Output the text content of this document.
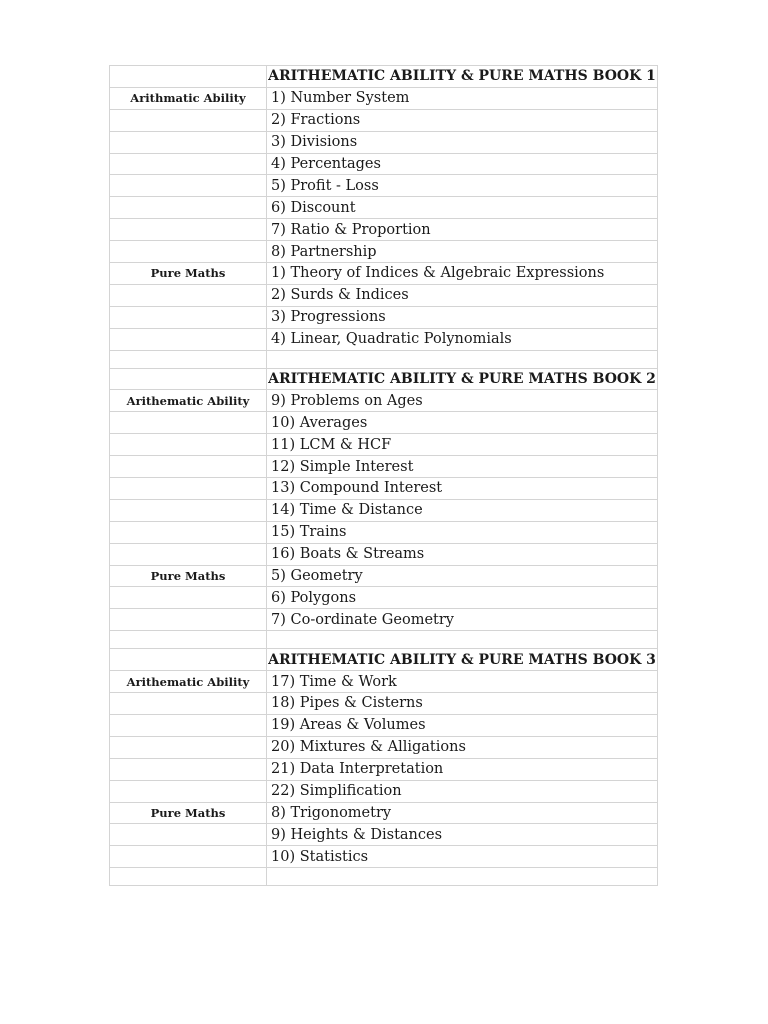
	ARITHEMATIC ABILITY & PURE MATHS BOOK 1
Arithmatic Ability	1) Number System
	2) Fractions
	3) Divisions
	4) Percentages
	5) Profit - Loss
	6) Discount
	7) Ratio & Proportion
	8) Partnership
Pure Maths	1) Theory of Indices & Algebraic Expressions
	2) Surds & Indices
	3) Progressions
	4) Linear, Quadratic Polynomials

	ARITHEMATIC ABILITY & PURE MATHS BOOK 2
Arithematic Ability	9) Problems on Ages
	10) Averages
	11) LCM & HCF
	12) Simple Interest
	13) Compound Interest
	14) Time & Distance
	15) Trains
	16) Boats & Streams
Pure Maths	5) Geometry
	6) Polygons
	7) Co-ordinate Geometry

	ARITHEMATIC ABILITY & PURE MATHS BOOK 3
Arithematic Ability	17) Time & Work
	18) Pipes & Cisterns
	19) Areas & Volumes
	20) Mixtures & Alligations
	21) Data Interpretation
	22) Simplification
Pure Maths	8) Trigonometry
	9) Heights & Distances
	10) Statistics
